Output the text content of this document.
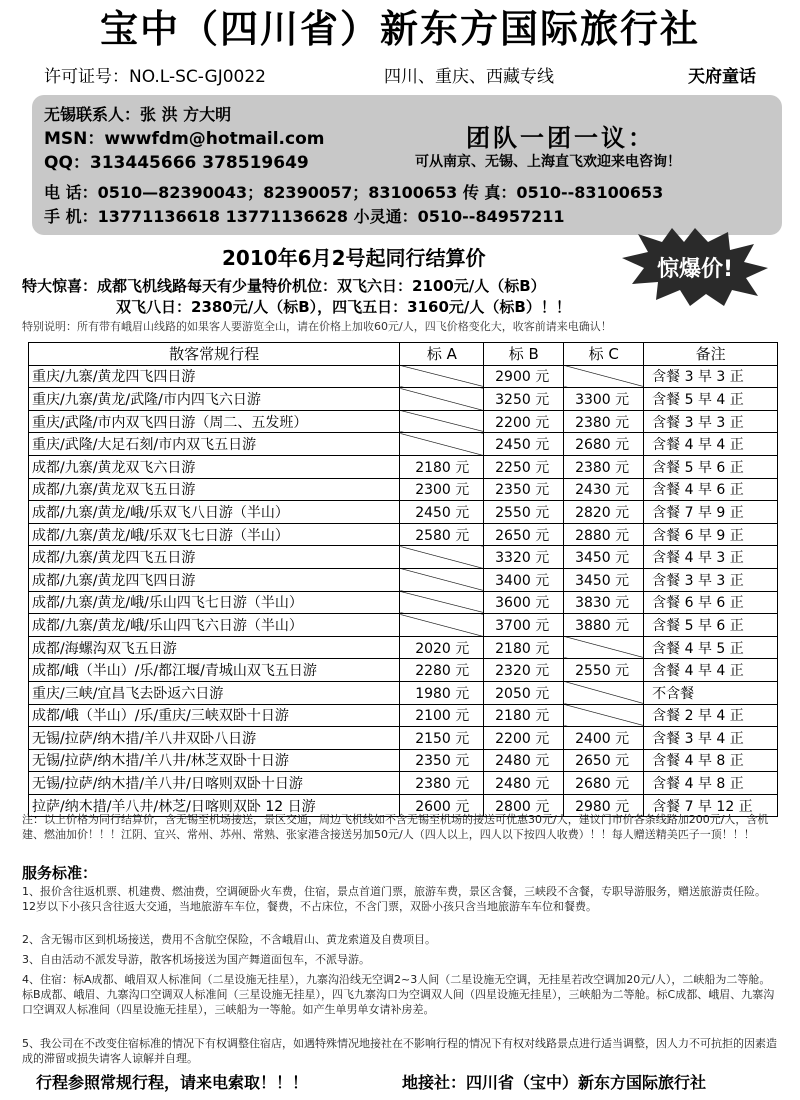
宝中（四川省）新东方国际旅行社
许可证号：NO.L-SC-GJ0022	四川、重庆、西藏专线	天府童话
无锡联系人：张 洪 方大明
MSN：wwwfdm@hotmail.com
QQ：313445666 378519649
电 话：0510—82390043；82390057；83100653 传 真：0510--83100653
手 机：13771136618 13771136628 小灵通：0510--84957211
团队一团一议：
可从南京、无锡、上海直飞欢迎来电咨询！
2010年6月2号起同行结算价	惊爆价!
特大惊喜：成都飞机线路每天有少量特价机位：双飞六日：2100元/人（标B）
双飞八日：2380元/人（标B），四飞五日：3160元/人（标B）！！
特别说明：所有带有峨眉山线路的如果客人要游览全山，请在价格上加收60元/人，四飞价格变化大，收客前请来电确认！
散客常规行程	标 A	标 B	标 C	备注
重庆/九寨/黄龙四飞四日游		2900 元		含餐 3 早 3 正
重庆/九寨/黄龙/武隆/市内四飞六日游		3250 元	3300 元	含餐 5 早 4 正
重庆/武隆/市内双飞四日游（周二、五发班）		2200 元	2380 元	含餐 3 早 3 正
重庆/武隆/大足石刻/市内双飞五日游		2450 元	2680 元	含餐 4 早 4 正
成都/九寨/黄龙双飞六日游	2180 元	2250 元	2380 元	含餐 5 早 6 正
成都/九寨/黄龙双飞五日游	2300 元	2350 元	2430 元	含餐 4 早 6 正
成都/九寨/黄龙/峨/乐双飞八日游（半山）	2450 元	2550 元	2820 元	含餐 7 早 9 正
成都/九寨/黄龙/峨/乐双飞七日游（半山）	2580 元	2650 元	2880 元	含餐 6 早 9 正
成都/九寨/黄龙四飞五日游		3320 元	3450 元	含餐 4 早 3 正
成都/九寨/黄龙四飞四日游		3400 元	3450 元	含餐 3 早 3 正
成都/九寨/黄龙/峨/乐山四飞七日游（半山）		3600 元	3830 元	含餐 6 早 6 正
成都/九寨/黄龙/峨/乐山四飞六日游（半山）		3700 元	3880 元	含餐 5 早 6 正
成都/海螺沟双飞五日游	2020 元	2180 元		含餐 4 早 5 正
成都/峨（半山）/乐/都江堰/青城山双飞五日游	2280 元	2320 元	2550 元	含餐 4 早 4 正
重庆/三峡/宜昌飞去卧返六日游	1980 元	2050 元		不含餐
成都/峨（半山）/乐/重庆/三峡双卧十日游	2100 元	2180 元		含餐 2 早 4 正
无锡/拉萨/纳木措/羊八井双卧八日游	2150 元	2200 元	2400 元	含餐 3 早 4 正
无锡/拉萨/纳木措/羊八井/林芝双卧十日游	2350 元	2480 元	2650 元	含餐 4 早 8 正
无锡/拉萨/纳木措/羊八井/日喀则双卧十日游	2380 元	2480 元	2680 元	含餐 4 早 8 正
拉萨/纳木措/羊八井/林芝/日喀则双卧 12 日游	2600 元	2800 元	2980 元	含餐 7 早 12 正
注：以上价格为同行结算价，含无锡至机场接送，景区交通，周边飞机线如不含无锡至机场的接送可优惠30元/人，建议门市价各条线路加200元/人，含机建、燃油加价！！！江阴、宜兴、常州、苏州、常熟、张家港含接送另加50元/人（四人以上，四人以下按四人收费）！！每人赠送精美匹子一顶！！！
服务标准：
1、报价含往返机票、机建费、燃油费，空调硬卧火车费，住宿，景点首道门票，旅游车费，景区含餐，三峡段不含餐，专职导游服务，赠送旅游责任险。12岁以下小孩只含往返大交通，当地旅游车车位，餐费，不占床位，不含门票，双卧小孩只含当地旅游车车位和餐费。
2、含无锡市区到机场接送，费用不含航空保险，不含峨眉山、黄龙索道及自费项目。
3、自由活动不派发导游，散客机场接送为国产舞道面包车，不派导游。
4、住宿：标A成都、峨眉双人标准间（二星设施无挂星），九寨沟沿线无空调2~3人间（二星设施无空调，无挂星若改空调加20元/人），二峡船为二等舱。标B成都、峨眉、九寨沟口空调双人标准间（三星设施无挂星），四飞九寨沟口为空调双人间（四星设施无挂星），三峡船为二等舱。标C成都、峨眉、九寨沟口空调双人标准间（四星设施无挂星），三峡船为一等舱。如产生单男单女请补房差。
5、我公司在不改变住宿标准的情况下有权调整住宿店，如遇特殊情况地接社在不影响行程的情况下有权对线路景点进行适当调整，因人力不可抗拒的因素造成的滞留或损失请客人谅解并自理。
行程参照常规行程，请来电索取！！！	地接社：四川省（宝中）新东方国际旅行社
